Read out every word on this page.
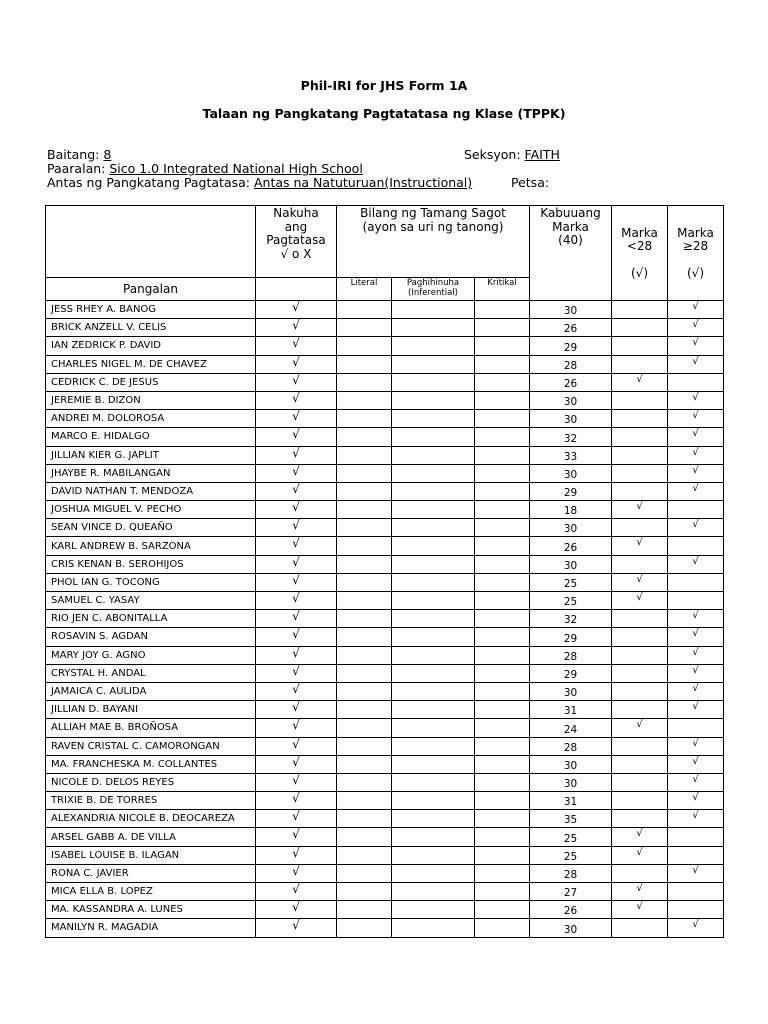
Phil-IRI for JHS Form 1A
Talaan ng Pangkatang Pagtatatasa ng Klase (TPPK)
Baitang: 8	Seksyon: FAITH
Paaralan: Sico 1.0 Integrated National High School
Antas ng Pangkatang Pagtatasa: Antas na Natuturuan(Instructional)	Petsa:
	Nakuha
ang
Pagtatasa
√ o X	Bilang ng Tamang Sagot
(ayon sa uri ng tanong)			Kabuuang
Marka
(40)	Marka
<28

(√)	Marka
≥28

(√)
Pangalan		Literal	Paghihinuha
(Inferential)	Kritikal			
JESS RHEY A. BANOG	√				30		√
BRICK ANZELL V. CELIS	√				26		√
IAN ZEDRICK P. DAVID	√				29		√
CHARLES NIGEL M. DE CHAVEZ	√				28		√
CEDRICK C. DE JESUS	√				26	√	
JEREMIE B. DIZON	√				30		√
ANDREI M. DOLOROSA	√				30		√
MARCO E. HIDALGO	√				32		√
JILLIAN KIER G. JAPLIT	√				33		√
JHAYBE R. MABILANGAN	√				30		√
DAVID NATHAN T. MENDOZA	√				29		√
JOSHUA MIGUEL V. PECHO	√				18	√	
SEAN VINCE D. QUEAÑO	√				30		√
KARL ANDREW B. SARZONA	√				26	√	
CRIS KENAN B. SEROHIJOS	√				30		√
PHOL IAN G. TOCONG	√				25	√	
SAMUEL C. YASAY	√				25	√	
RIO JEN C. ABONITALLA	√				32		√
ROSAVIN S. AGDAN	√				29		√
MARY JOY G. AGNO	√				28		√
CRYSTAL H. ANDAL	√				29		√
JAMAICA C. AULIDA	√				30		√
JILLIAN D. BAYANI	√				31		√
ALLIAH MAE B. BROÑOSA	√				24	√	
RAVEN CRISTAL C. CAMORONGAN	√				28		√
MA. FRANCHESKA M. COLLANTES	√				30		√
NICOLE D. DELOS REYES	√				30		√
TRIXIE B. DE TORRES	√				31		√
ALEXANDRIA NICOLE B. DEOCAREZA	√				35		√
ARSEL GABB A. DE VILLA	√				25	√	
ISABEL LOUISE B. ILAGAN	√				25	√	
RONA C. JAVIER	√				28		√
MICA ELLA B. LOPEZ	√				27	√	
MA. KASSANDRA A. LUNES	√				26	√	
MANILYN R. MAGADIA	√				30		√
